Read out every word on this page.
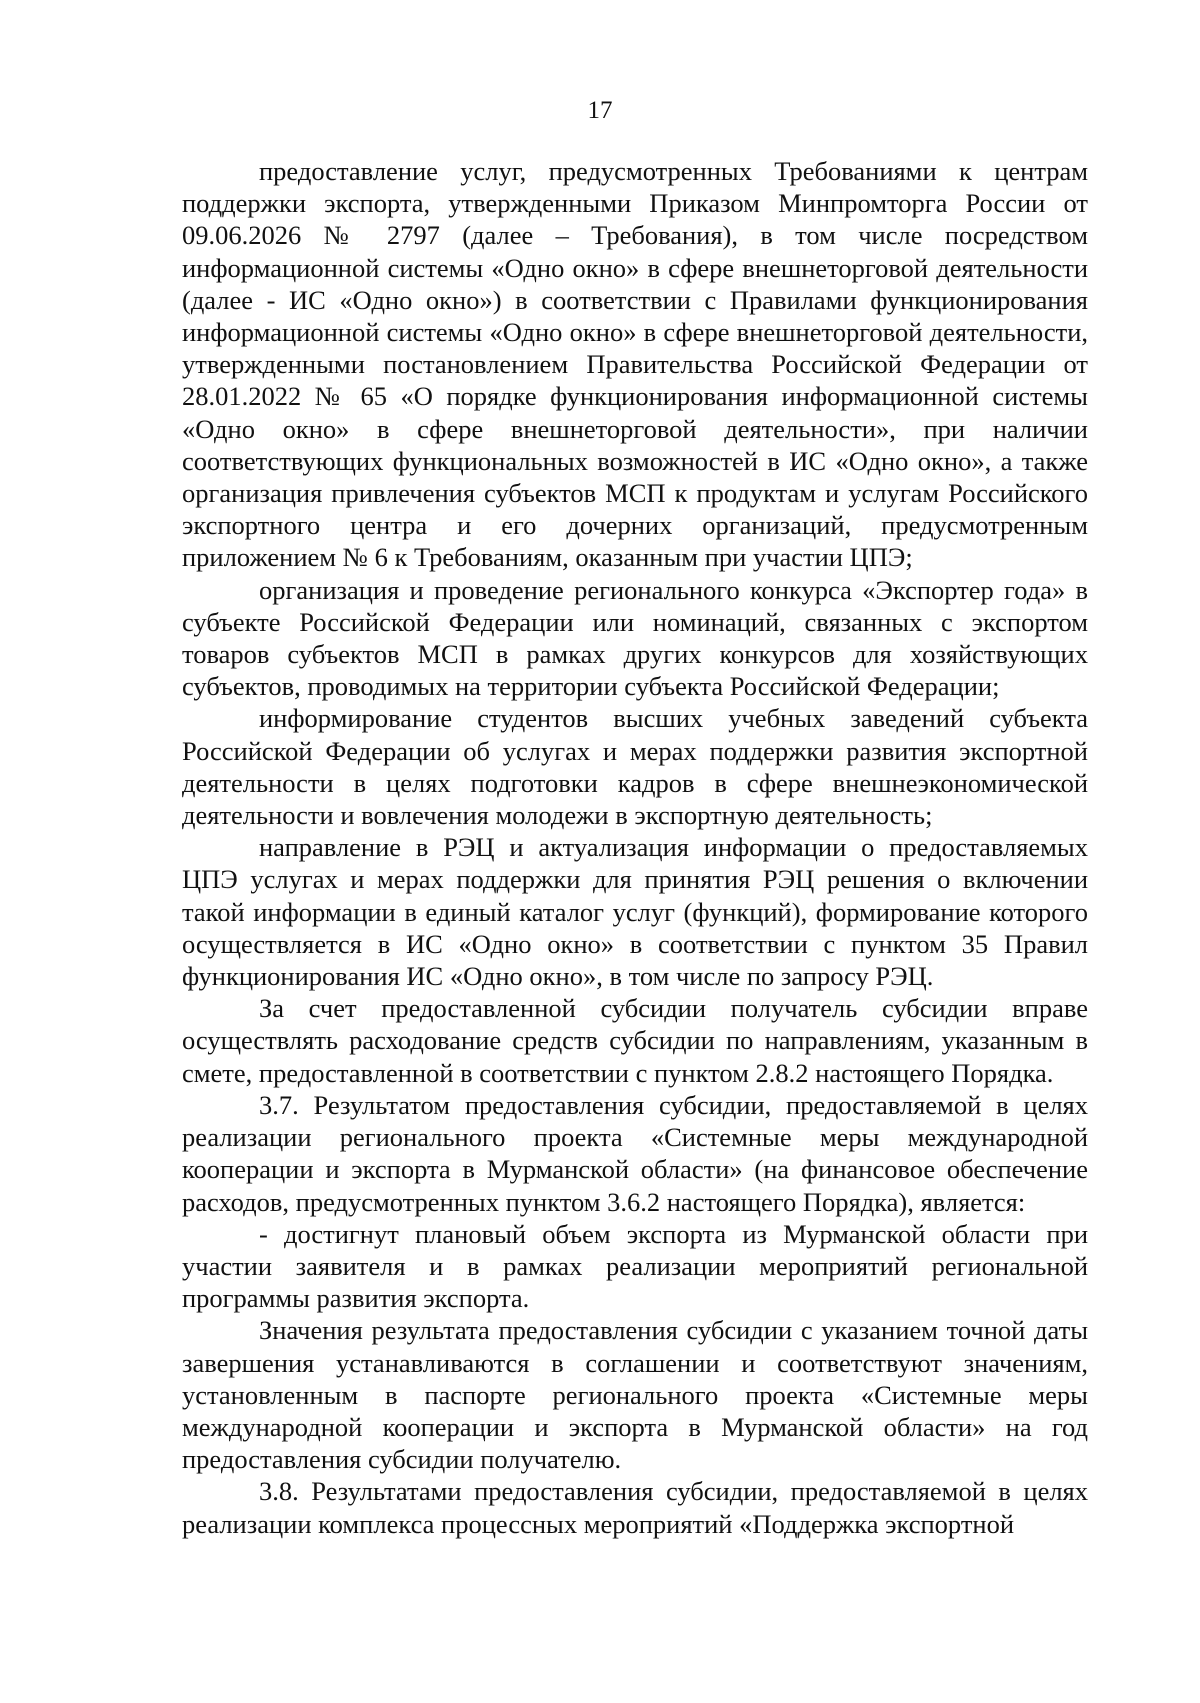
17

предоставление услуг, предусмотренных Требованиями к центрам поддержки экспорта, утвержденными Приказом Минпромторга России от 09.06.2026 № 2797 (далее – Требования), в том числе посредством информационной системы «Одно окно» в сфере внешнеторговой деятельности (далее - ИС «Одно окно») в соответствии с Правилами функционирования информационной системы «Одно окно» в сфере внешнеторговой деятельности, утвержденными постановлением Правительства Российской Федерации от 28.01.2022 № 65 «О порядке функционирования информационной системы «Одно окно» в сфере внешнеторговой деятельности», при наличии соответствующих функциональных возможностей в ИС «Одно окно», а также организация привлечения субъектов МСП к продуктам и услугам Российского экспортного центра и его дочерних организаций, предусмотренным приложением № 6 к Требованиям, оказанным при участии ЦПЭ;

организация и проведение регионального конкурса «Экспортер года» в субъекте Российской Федерации или номинаций, связанных с экспортом товаров субъектов МСП в рамках других конкурсов для хозяйствующих субъектов, проводимых на территории субъекта Российской Федерации;

информирование студентов высших учебных заведений субъекта Российской Федерации об услугах и мерах поддержки развития экспортной деятельности в целях подготовки кадров в сфере внешнеэкономической деятельности и вовлечения молодежи в экспортную деятельность;

направление в РЭЦ и актуализация информации о предоставляемых ЦПЭ услугах и мерах поддержки для принятия РЭЦ решения о включении такой информации в единый каталог услуг (функций), формирование которого осуществляется в ИС «Одно окно» в соответствии с пунктом 35 Правил функционирования ИС «Одно окно», в том числе по запросу РЭЦ.

За счет предоставленной субсидии получатель субсидии вправе осуществлять расходование средств субсидии по направлениям, указанным в смете, предоставленной в соответствии с пунктом 2.8.2 настоящего Порядка.

3.7. Результатом предоставления субсидии, предоставляемой в целях реализации регионального проекта «Системные меры международной кооперации и экспорта в Мурманской области» (на финансовое обеспечение расходов, предусмотренных пунктом 3.6.2 настоящего Порядка), является:

- достигнут плановый объем экспорта из Мурманской области при участии заявителя и в рамках реализации мероприятий региональной программы развития экспорта.

Значения результата предоставления субсидии с указанием точной даты завершения устанавливаются в соглашении и соответствуют значениям, установленным в паспорте регионального проекта «Системные меры международной кооперации и экспорта в Мурманской области» на год предоставления субсидии получателю.

3.8. Результатами предоставления субсидии, предоставляемой в целях реализации комплекса процессных мероприятий «Поддержка экспортной
